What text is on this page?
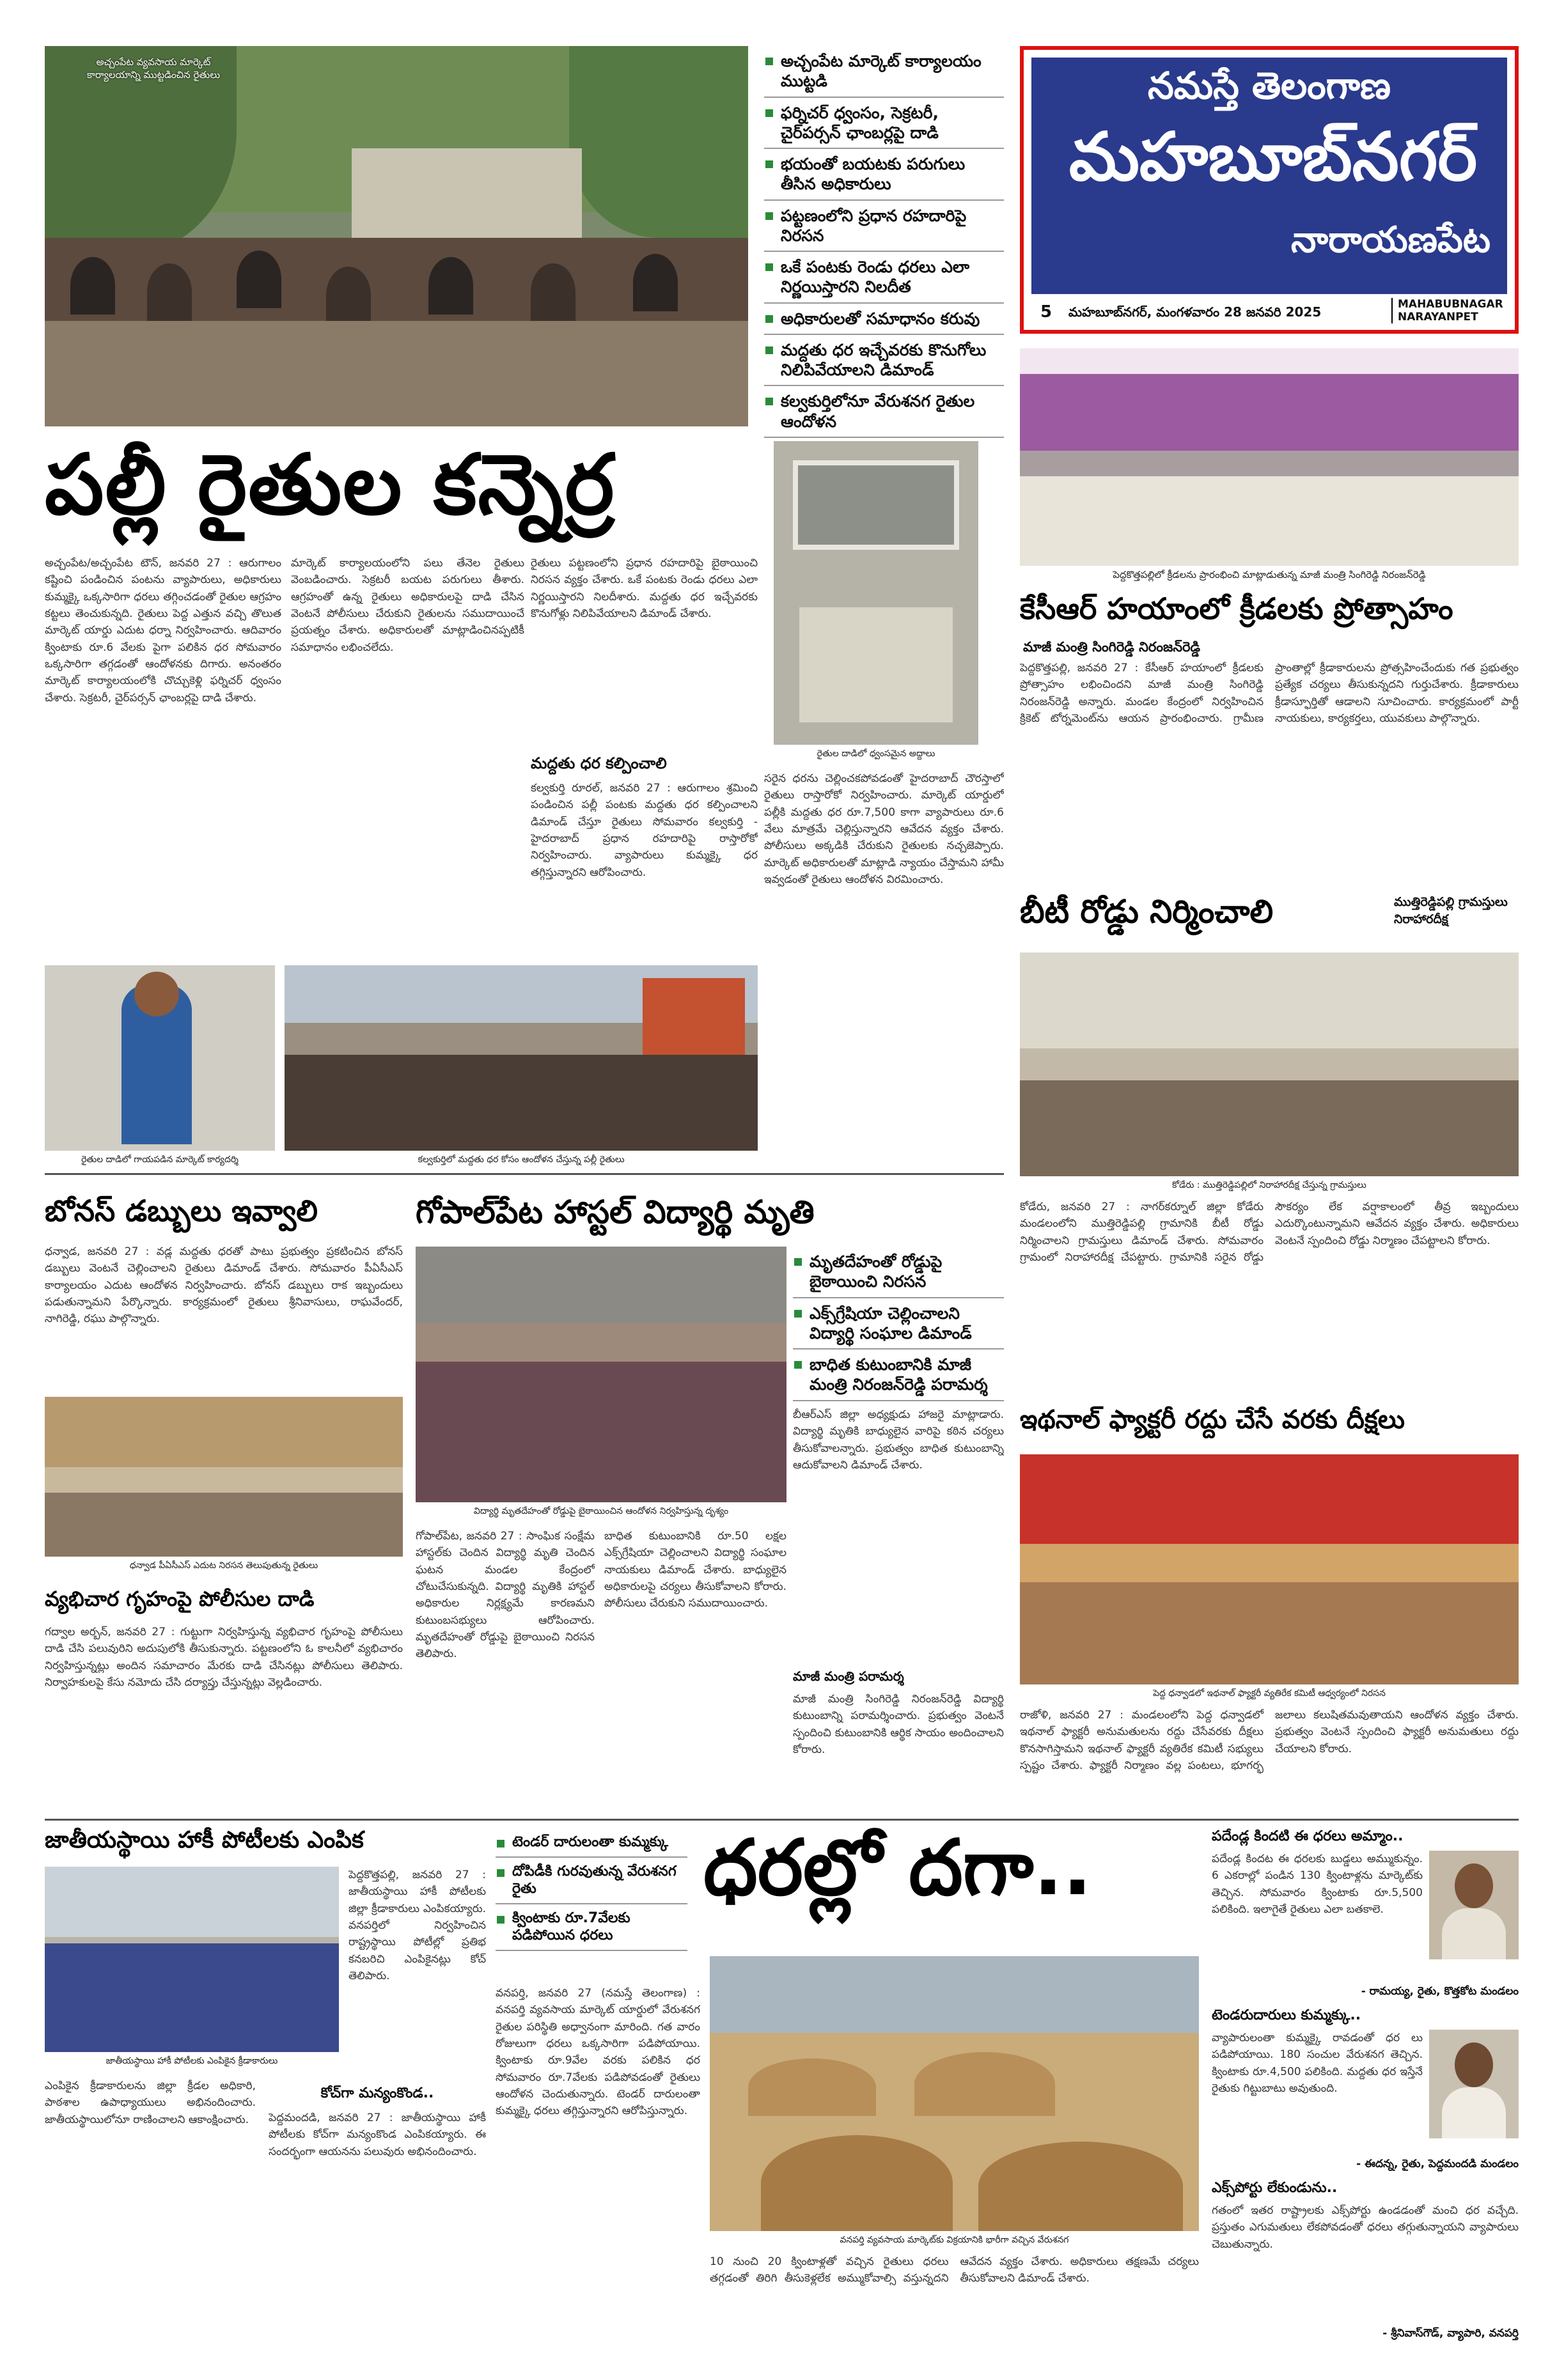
అచ్చంపేట వ్యవసాయ మార్కెట్
కార్యాలయాన్ని ముట్టడించిన రైతులు
అచ్చంపేట మార్కెట్ కార్యాలయం ముట్టడి
ఫర్నిచర్ ధ్వంసం, సెక్రటరీ, చైర్‌పర్సన్ ఛాంబర్లపై దాడి
భయంతో బయటకు పరుగులు తీసిన అధికారులు
పట్టణంలోని ప్రధాన రహదారిపై నిరసన
ఒకే పంటకు రెండు ధరలు ఎలా నిర్ణయిస్తారని నిలదీత
అధికారులతో సమాధానం కరువు
మద్దతు ధర ఇచ్చేవరకు కొనుగోలు నిలిపివేయాలని డిమాండ్
కల్వకుర్తిలోనూ వేరుశనగ రైతుల ఆందోళన
రైతుల దాడిలో ధ్వంసమైన అద్దాలు
పల్లీ రైతుల కన్నెర్ర
అచ్చంపేట/అచ్చంపేట టౌన్, జనవరి 27 : ఆరుగాలం కష్టించి పండించిన పంటను వ్యాపారులు, అధికారులు కుమ్మక్కై ఒక్కసారిగా ధరలు తగ్గించడంతో రైతుల ఆగ్రహం కట్టలు తెంచుకున్నది. రైతులు పెద్ద ఎత్తున వచ్చి తొలుత మార్కెట్ యార్డు ఎదుట ధర్నా నిర్వహించారు. ఆదివారం క్వింటాకు రూ.6 వేలకు పైగా పలికిన ధర సోమవారం ఒక్కసారిగా తగ్గడంతో ఆందోళనకు దిగారు. అనంతరం మార్కెట్ కార్యాలయంలోకి చొచ్చుకెళ్లి ఫర్నిచర్ ధ్వంసం చేశారు. సెక్రటరీ, చైర్‌పర్సన్ ఛాంబర్లపై దాడి చేశారు.
మార్కెట్ కార్యాలయంలోని పలు తేనెల రైతులు వెంబడించారు. సెక్రటరీ బయట పరుగులు తీశారు. ఆగ్రహంతో ఉన్న రైతులు అధికారులపై దాడి చేసిన వెంటనే పోలీసులు చేరుకుని రైతులను సముదాయించే ప్రయత్నం చేశారు. అధికారులతో మాట్లాడించినప్పటికీ సమాధానం లభించలేదు.
రైతులు పట్టణంలోని ప్రధాన రహదారిపై బైఠాయించి నిరసన వ్యక్తం చేశారు. ఒకే పంటకు రెండు ధరలు ఎలా నిర్ణయిస్తారని నిలదీశారు. మద్దతు ధర ఇచ్చేవరకు కొనుగోళ్లు నిలిపివేయాలని డిమాండ్ చేశారు.
మద్దతు ధర కల్పించాలి
కల్వకుర్తి రూరల్, జనవరి 27 : ఆరుగాలం శ్రమించి పండించిన పల్లీ పంటకు మద్దతు ధర కల్పించాలని డిమాండ్ చేస్తూ రైతులు సోమవారం కల్వకుర్తి - హైదరాబాద్ ప్రధాన రహదారిపై రాస్తారోకో నిర్వహించారు. వ్యాపారులు కుమ్మక్కై ధర తగ్గిస్తున్నారని ఆరోపించారు.
సరైన ధరను చెల్లించకపోవడంతో హైదరాబాద్ చౌరస్తాలో రైతులు రాస్తారోకో నిర్వహించారు. మార్కెట్ యార్డులో పల్లీకి మద్దతు ధర రూ.7,500 కాగా వ్యాపారులు రూ.6 వేలు మాత్రమే చెల్లిస్తున్నారని ఆవేదన వ్యక్తం చేశారు. పోలీసులు అక్కడికి చేరుకుని రైతులకు నచ్చజెప్పారు. మార్కెట్ అధికారులతో మాట్లాడి న్యాయం చేస్తామని హామీ ఇవ్వడంతో రైతులు ఆందోళన విరమించారు.
రైతుల దాడిలో గాయపడిన మార్కెట్ కార్యదర్శి	కల్వకుర్తిలో మద్దతు ధర కోసం ఆందోళన చేస్తున్న పల్లీ రైతులు
నమస్తే తెలంగాణ
మహబూబ్‌నగర్
నారాయణపేట
5 మహబూబ్‌నగర్, మంగళవారం 28 జనవరి 2025	MAHABUBNAGAR
NARAYANPET
పెద్దకొత్తపల్లిలో క్రీడలను ప్రారంభించి మాట్లాడుతున్న మాజీ మంత్రి సింగిరెడ్డి నిరంజన్‌రెడ్డి
కేసీఆర్ హయాంలో క్రీడలకు ప్రోత్సాహం
మాజీ మంత్రి సింగిరెడ్డి నిరంజన్‌రెడ్డి
పెద్దకొత్తపల్లి, జనవరి 27 : కేసీఆర్ హయాంలో క్రీడలకు ప్రోత్సాహం లభించిందని మాజీ మంత్రి సింగిరెడ్డి నిరంజన్‌రెడ్డి అన్నారు. మండల కేంద్రంలో నిర్వహించిన క్రికెట్ టోర్నమెంట్‌ను ఆయన ప్రారంభించారు. గ్రామీణ ప్రాంతాల్లో క్రీడాకారులను ప్రోత్సహించేందుకు గత ప్రభుత్వం ప్రత్యేక చర్యలు తీసుకున్నదని గుర్తుచేశారు. క్రీడాకారులు క్రీడాస్ఫూర్తితో ఆడాలని సూచించారు. కార్యక్రమంలో పార్టీ నాయకులు, కార్యకర్తలు, యువకులు పాల్గొన్నారు.
బీటీ రోడ్డు నిర్మించాలి	ముత్తిరెడ్డిపల్లి గ్రామస్తులు నిరాహారదీక్ష
కోడేరు : ముత్తిరెడ్డిపల్లిలో నిరాహారదీక్ష చేస్తున్న గ్రామస్తులు
కోడేరు, జనవరి 27 : నాగర్‌కర్నూల్ జిల్లా కోడేరు మండలంలోని ముత్తిరెడ్డిపల్లి గ్రామానికి బీటీ రోడ్డు నిర్మించాలని గ్రామస్తులు డిమాండ్ చేశారు. సోమవారం గ్రామంలో నిరాహారదీక్ష చేపట్టారు. గ్రామానికి సరైన రోడ్డు సౌకర్యం లేక వర్షాకాలంలో తీవ్ర ఇబ్బందులు ఎదుర్కొంటున్నామని ఆవేదన వ్యక్తం చేశారు. అధికారులు వెంటనే స్పందించి రోడ్డు నిర్మాణం చేపట్టాలని కోరారు.
ఇథనాల్ ఫ్యాక్టరీ రద్దు చేసే వరకు దీక్షలు
పెద్ద ధన్వాడలో ఇథనాల్ ఫ్యాక్టరీ వ్యతిరేక కమిటీ ఆధ్వర్యంలో నిరసన
రాజోళి, జనవరి 27 : మండలంలోని పెద్ద ధన్వాడలో ఇథనాల్ ఫ్యాక్టరీ అనుమతులను రద్దు చేసేవరకు దీక్షలు కొనసాగిస్తామని ఇథనాల్ ఫ్యాక్టరీ వ్యతిరేక కమిటీ సభ్యులు స్పష్టం చేశారు. ఫ్యాక్టరీ నిర్మాణం వల్ల పంటలు, భూగర్భ జలాలు కలుషితమవుతాయని ఆందోళన వ్యక్తం చేశారు. ప్రభుత్వం వెంటనే స్పందించి ఫ్యాక్టరీ అనుమతులు రద్దు చేయాలని కోరారు.
బోనస్ డబ్బులు ఇవ్వాలి
ధన్వాడ, జనవరి 27 : వడ్ల మద్దతు ధరతో పాటు ప్రభుత్వం ప్రకటించిన బోనస్ డబ్బులు వెంటనే చెల్లించాలని రైతులు డిమాండ్ చేశారు. సోమవారం పీఏసీఎస్ కార్యాలయం ఎదుట ఆందోళన నిర్వహించారు. బోనస్ డబ్బులు రాక ఇబ్బందులు పడుతున్నామని పేర్కొన్నారు. కార్యక్రమంలో రైతులు శ్రీనివాసులు, రాఘవేందర్, నాగిరెడ్డి, రఘు పాల్గొన్నారు.
ధన్వాడ పీఏసీఎస్ ఎదుట నిరసన తెలుపుతున్న రైతులు
వ్యభిచార గృహంపై పోలీసుల దాడి
గద్వాల అర్బన్, జనవరి 27 : గుట్టుగా నిర్వహిస్తున్న వ్యభిచార గృహంపై పోలీసులు దాడి చేసి పలువురిని అదుపులోకి తీసుకున్నారు. పట్టణంలోని ఓ కాలనీలో వ్యభిచారం నిర్వహిస్తున్నట్లు అందిన సమాచారం మేరకు దాడి చేసినట్లు పోలీసులు తెలిపారు. నిర్వాహకులపై కేసు నమోదు చేసి దర్యాప్తు చేస్తున్నట్లు వెల్లడించారు.
గోపాల్‌పేట హాస్టల్ విద్యార్థి మృతి
విద్యార్థి మృతదేహంతో రోడ్డుపై బైఠాయించిన ఆందోళన నిర్వహిస్తున్న దృశ్యం
మృతదేహంతో రోడ్డుపై బైఠాయించి నిరసన
ఎక్స్‌గ్రేషియా చెల్లించాలని విద్యార్థి సంఘాల డిమాండ్
బాధిత కుటుంబానికి మాజీ మంత్రి నిరంజన్‌రెడ్డి పరామర్శ
గోపాల్‌పేట, జనవరి 27 : సాంఘిక సంక్షేమ హాస్టల్‌కు చెందిన విద్యార్థి మృతి చెందిన ఘటన మండల కేంద్రంలో చోటుచేసుకున్నది. విద్యార్థి మృతికి హాస్టల్ అధికారుల నిర్లక్ష్యమే కారణమని కుటుంబసభ్యులు ఆరోపించారు. మృతదేహంతో రోడ్డుపై బైఠాయించి నిరసన తెలిపారు.
బాధిత కుటుంబానికి రూ.50 లక్షల ఎక్స్‌గ్రేషియా చెల్లించాలని విద్యార్థి సంఘాల నాయకులు డిమాండ్ చేశారు. బాధ్యులైన అధికారులపై చర్యలు తీసుకోవాలని కోరారు. పోలీసులు చేరుకుని సముదాయించారు.
బీఆర్‌ఎస్ జిల్లా అధ్యక్షుడు హాజరై మాట్లాడారు. విద్యార్థి మృతికి బాధ్యులైన వారిపై కఠిన చర్యలు తీసుకోవాలన్నారు. ప్రభుత్వం బాధిత కుటుంబాన్ని ఆదుకోవాలని డిమాండ్ చేశారు.
మాజీ మంత్రి పరామర్శ
మాజీ మంత్రి సింగిరెడ్డి నిరంజన్‌రెడ్డి విద్యార్థి కుటుంబాన్ని పరామర్శించారు. ప్రభుత్వం వెంటనే స్పందించి కుటుంబానికి ఆర్థిక సాయం అందించాలని కోరారు.
జాతీయస్థాయి హాకీ పోటీలకు ఎంపిక
జాతీయస్థాయి హాకీ పోటీలకు ఎంపికైన క్రీడాకారులు
పెద్దకొత్తపల్లి, జనవరి 27 : జాతీయస్థాయి హాకీ పోటీలకు జిల్లా క్రీడాకారులు ఎంపికయ్యారు. వనపర్తిలో నిర్వహించిన రాష్ట్రస్థాయి పోటీల్లో ప్రతిభ కనబరిచి ఎంపికైనట్లు కోచ్ తెలిపారు.
ఎంపికైన క్రీడాకారులను జిల్లా క్రీడల అధికారి, పాఠశాల ఉపాధ్యాయులు అభినందించారు. జాతీయస్థాయిలోనూ రాణించాలని ఆకాంక్షించారు.
కోచ్‌గా మన్యంకొండ..
పెద్దమందడి, జనవరి 27 : జాతీయస్థాయి హాకీ పోటీలకు కోచ్‌గా మన్యంకొండ ఎంపికయ్యారు. ఈ సందర్భంగా ఆయనను పలువురు అభినందించారు.
టెండర్ దారులంతా కుమ్మక్కు
దోపిడీకి గురవుతున్న వేరుశనగ రైతు
క్వింటాకు రూ.7వేలకు పడిపోయిన ధరలు
ధరల్లో దగా..
వనపర్తి, జనవరి 27 (నమస్తే తెలంగాణ) : వనపర్తి వ్యవసాయ మార్కెట్ యార్డులో వేరుశనగ రైతుల పరిస్థితి అధ్వానంగా మారింది. గత వారం రోజులుగా ధరలు ఒక్కసారిగా పడిపోయాయి. క్వింటాకు రూ.9వేల వరకు పలికిన ధర సోమవారం రూ.7వేలకు పడిపోవడంతో రైతులు ఆందోళన చెందుతున్నారు. టెండర్ దారులంతా కుమ్మక్కై ధరలు తగ్గిస్తున్నారని ఆరోపిస్తున్నారు.
వనపర్తి వ్యవసాయ మార్కెట్‌కు విక్రయానికి భారీగా వచ్చిన వేరుశనగ
10 నుంచి 20 క్వింటాళ్లతో వచ్చిన రైతులు ధరలు తగ్గడంతో తిరిగి తీసుకెళ్లలేక అమ్ముకోవాల్సి వస్తున్నదని ఆవేదన వ్యక్తం చేశారు. అధికారులు తక్షణమే చర్యలు తీసుకోవాలని డిమాండ్ చేశారు.
పదేండ్ల కిందటి ఈ ధరలు అమ్మాం..
పదేండ్ల కిందట ఈ ధరలకు బుడ్డలు అమ్ముకున్నం. 6 ఎకరాల్లో పండిన 130 క్వింటాళ్లను మార్కెట్‌కు తెచ్చిన. సోమవారం క్వింటాకు రూ.5,500 పలికింది. ఇలాగైతే రైతులు ఎలా బతకాలె.
- రామయ్య, రైతు, కొత్తకోట మండలం
టెండరుదారులు కుమ్మక్కు..
వ్యాపారులంతా కుమ్మక్కై రావడంతో ధర లు పడిపోయాయి. 180 సంచుల వేరుశనగ తెచ్చిన. క్వింటాకు రూ.4,500 పలికింది. మద్దతు ధర ఇస్తేనే రైతుకు గిట్టుబాటు అవుతుంది.
- ఈదన్న, రైతు, పెద్దమందడి మండలం
ఎక్స్‌పోర్టు లేకుండును..
గతంలో ఇతర రాష్ట్రాలకు ఎక్స్‌పోర్టు ఉండడంతో మంచి ధర వచ్చేది. ప్రస్తుతం ఎగుమతులు లేకపోవడంతో ధరలు తగ్గుతున్నాయని వ్యాపారులు చెబుతున్నారు.
- శ్రీనివాస్‌గౌడ్, వ్యాపారి, వనపర్తి
